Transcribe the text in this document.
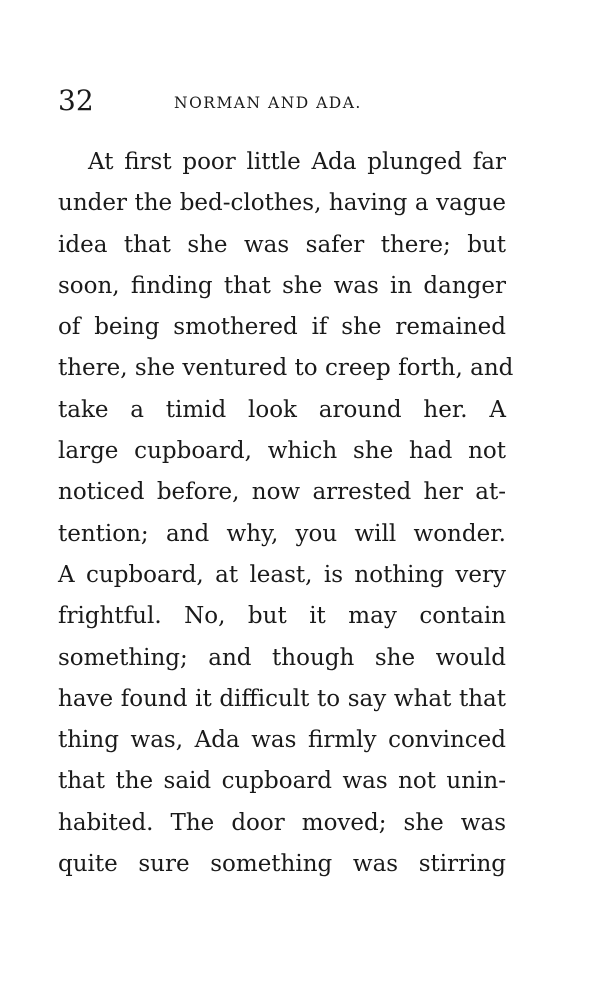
32	NORMAN AND ADA.
At first poor little Ada plunged far
under the bed-clothes, having a vague
idea that she was safer there; but
soon, finding that she was in danger
of being smothered if she remained
there, she ventured to creep forth, and
take a timid look around her. A
large cupboard, which she had not
noticed before, now arrested her at-
tention; and why, you will wonder.
A cupboard, at least, is nothing very
frightful. No, but it may contain
something; and though she would
have found it difficult to say what that
thing was, Ada was firmly convinced
that the said cupboard was not unin-
habited. The door moved; she was
quite sure something was stirring
